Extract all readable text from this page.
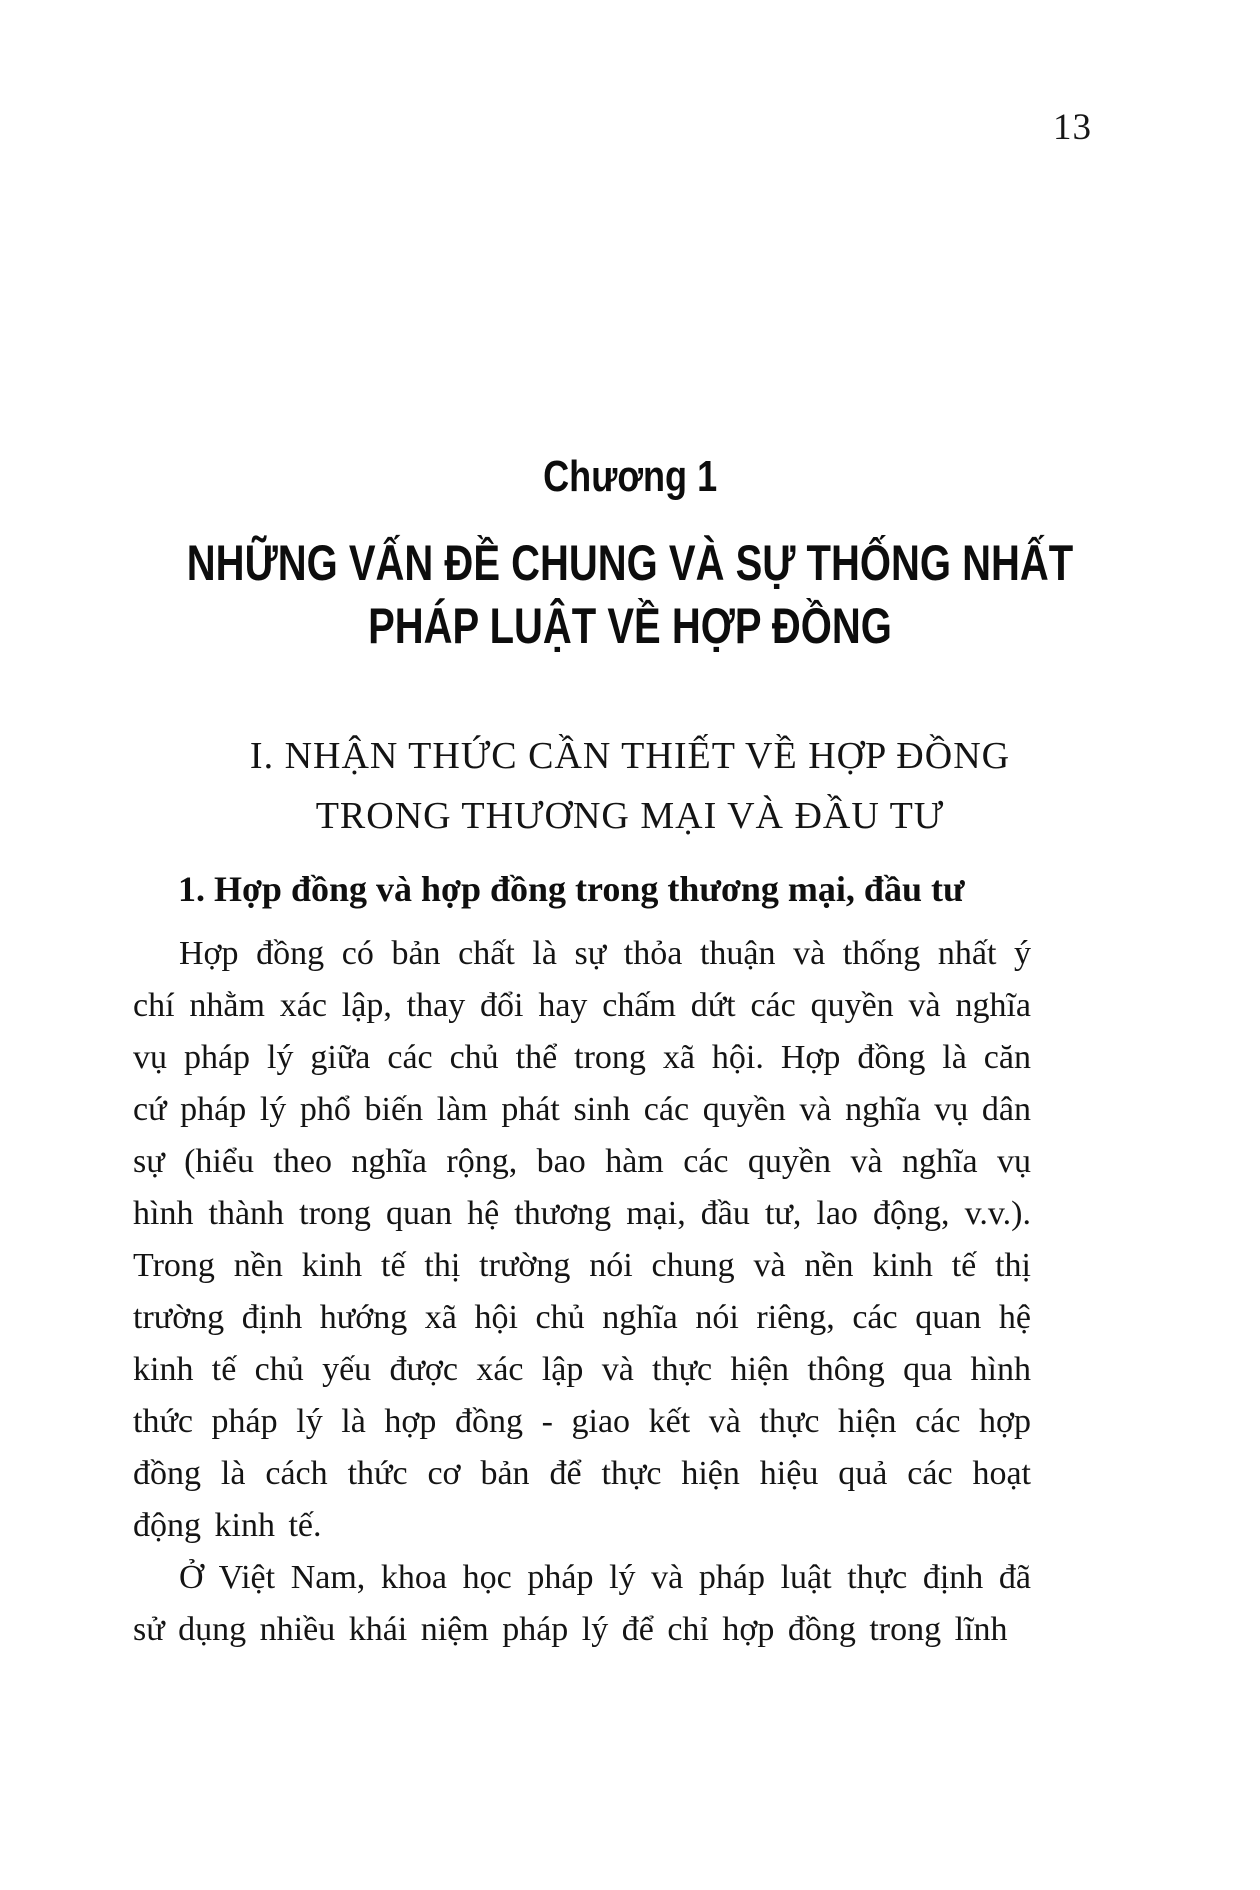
13
Chương 1
NHỮNG VẤN ĐỀ CHUNG VÀ SỰ THỐNG NHẤT
PHÁP LUẬT VỀ HỢP ĐỒNG
I. NHẬN THỨC CẦN THIẾT VỀ HỢP ĐỒNG
TRONG THƯƠNG MẠI VÀ ĐẦU TƯ
1. Hợp đồng và hợp đồng trong thương mại, đầu tư

Hợp đồng có bản chất là sự thỏa thuận và thống nhất ý chí nhằm xác lập, thay đổi hay chấm dứt các quyền và nghĩa vụ pháp lý giữa các chủ thể trong xã hội. Hợp đồng là căn cứ pháp lý phổ biến làm phát sinh các quyền và nghĩa vụ dân sự (hiểu theo nghĩa rộng, bao hàm các quyền và nghĩa vụ hình thành trong quan hệ thương mại, đầu tư, lao động, v.v.). Trong nền kinh tế thị trường nói chung và nền kinh tế thị trường định hướng xã hội chủ nghĩa nói riêng, các quan hệ kinh tế chủ yếu được xác lập và thực hiện thông qua hình thức pháp lý là hợp đồng - giao kết và thực hiện các hợp đồng là cách thức cơ bản để thực hiện hiệu quả các hoạt động kinh tế.

Ở Việt Nam, khoa học pháp lý và pháp luật thực định đã sử dụng nhiều khái niệm pháp lý để chỉ hợp đồng trong lĩnh
